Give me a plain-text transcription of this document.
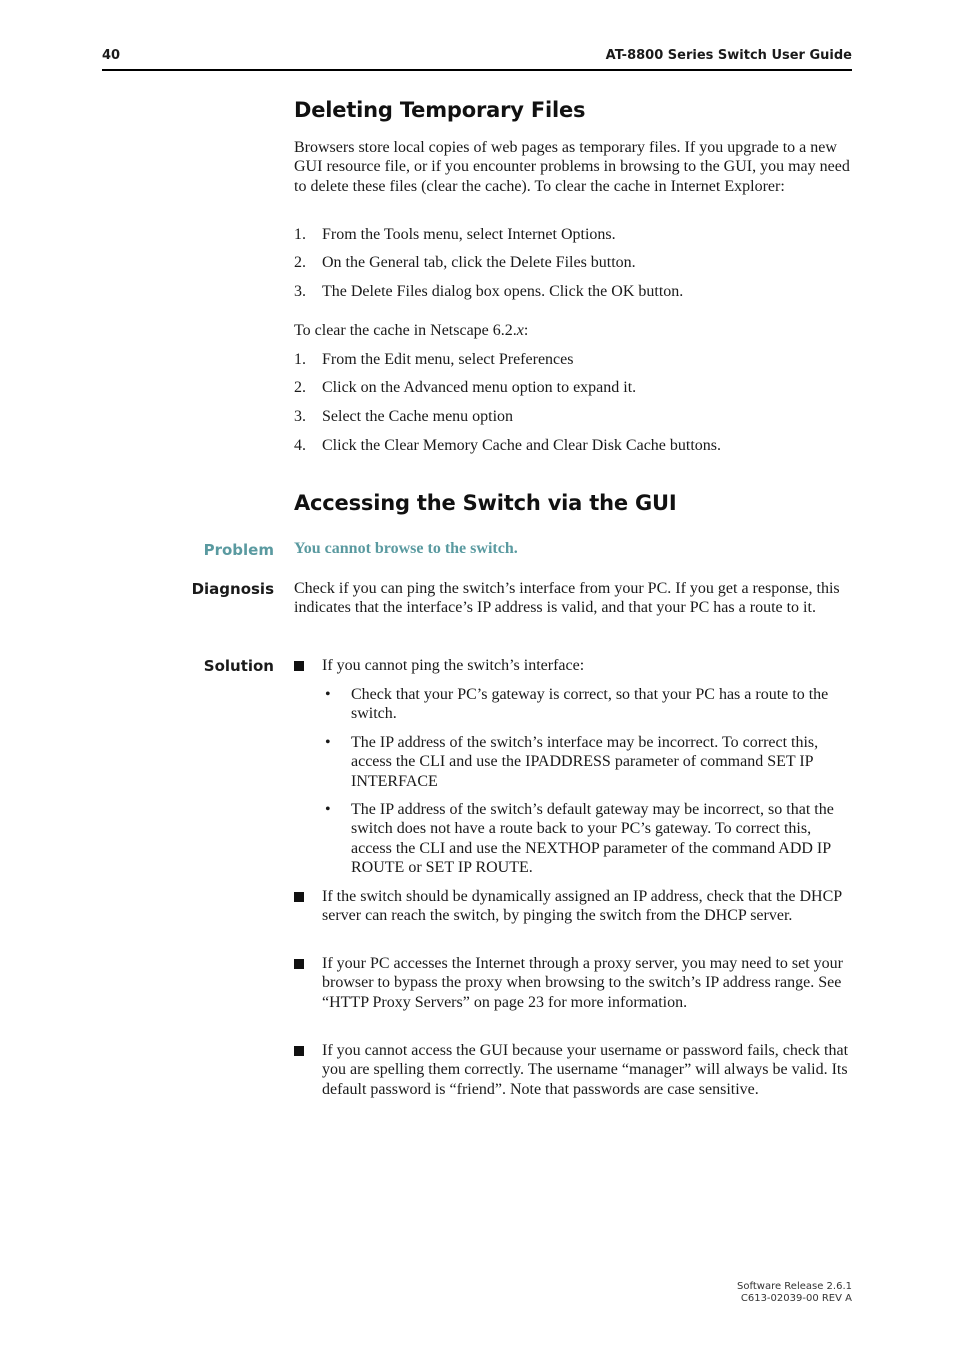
40	AT-8800 Series Switch User Guide
Deleting Temporary Files
Browsers store local copies of web pages as temporary files. If you upgrade to a new GUI resource file, or if you encounter problems in browsing to the GUI, you may need to delete these files (clear the cache). To clear the cache in Internet Explorer:
1. From the Tools menu, select Internet Options.
2. On the General tab, click the Delete Files button.
3. The Delete Files dialog box opens. Click the OK button.
To clear the cache in Netscape 6.2.x:
1. From the Edit menu, select Preferences
2. Click on the Advanced menu option to expand it.
3. Select the Cache menu option
4. Click the Clear Memory Cache and Clear Disk Cache buttons.
Accessing the Switch via the GUI
Problem You cannot browse to the switch.
Diagnosis Check if you can ping the switch’s interface from your PC. If you get a response, this indicates that the interface’s IP address is valid, and that your PC has a route to it.
Solution	If you cannot ping the switch’s interface:
• Check that your PC’s gateway is correct, so that your PC has a route to the switch.
• The IP address of the switch’s interface may be incorrect. To correct this, access the CLI and use the IPADDRESS parameter of command SET IP INTERFACE
• The IP address of the switch’s default gateway may be incorrect, so that the switch does not have a route back to your PC’s gateway. To correct this, access the CLI and use the NEXTHOP parameter of the command ADD IP ROUTE or SET IP ROUTE.
If the switch should be dynamically assigned an IP address, check that the DHCP server can reach the switch, by pinging the switch from the DHCP server.
If your PC accesses the Internet through a proxy server, you may need to set your browser to bypass the proxy when browsing to the switch’s IP address range. See “HTTP Proxy Servers” on page 23 for more information.
If you cannot access the GUI because your username or password fails, check that you are spelling them correctly. The username “manager” will always be valid. Its default password is “friend”. Note that passwords are case sensitive.
Software Release 2.6.1
C613-02039-00 REV A
